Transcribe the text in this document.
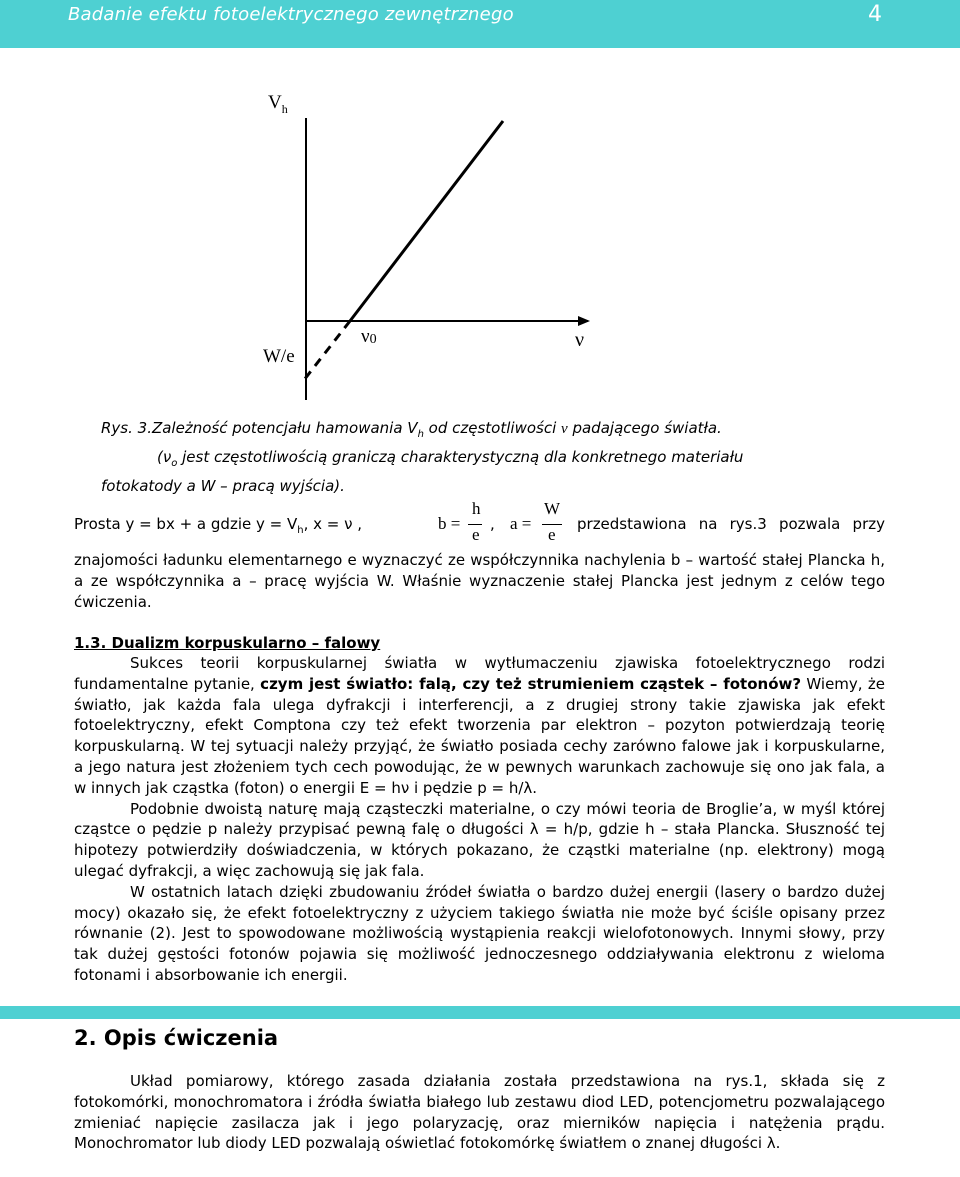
Badanie efektu fotoelektrycznego zewnętrznego	4
$V_h$
W/e
ν0	ν

Rys. 3.Zależność potencjału hamowania $V_h$ od częstotliwości ν padającego światła.

($\nu_o$ jest częstotliwością graniczą charakterystyczną dla konkretnego materiału

fotokatody a W – pracą wyjścia).

Prosta y = bx + a gdzie $y = V_h$, x = ν ,	b =
h
e
, a =
W
e
przedstawiona na rys.3 pozwala przy

znajomości ładunku elementarnego e wyznaczyć ze współczynnika nachylenia b – wartość stałej Plancka h, a ze współczynnika a – pracę wyjścia W. Właśnie wyznaczenie stałej Plancka jest jednym z celów tego ćwiczenia.

1.3. Dualizm korpuskularno – falowy

Sukces teorii korpuskularnej światła w wytłumaczeniu zjawiska fotoelektrycznego rodzi fundamentalne pytanie, czym jest światło: falą, czy też strumieniem cząstek – fotonów? Wiemy, że światło, jak każda fala ulega dyfrakcji i interferencji, a z drugiej strony takie zjawiska jak efekt fotoelektryczny, efekt Comptona czy też efekt tworzenia par elektron – pozyton potwierdzają teorię korpuskularną. W tej sytuacji należy przyjąć, że światło posiada cechy zarówno falowe jak i korpuskularne, a jego natura jest złożeniem tych cech powodując, że w pewnych warunkach zachowuje się ono jak fala, a w innych jak cząstka (foton) o energii E = hν i pędzie p = h/λ.

Podobnie dwoistą naturę mają cząsteczki materialne, o czy mówi teoria de Broglie’a, w myśl której cząstce o pędzie p należy przypisać pewną falę o długości λ = h/p, gdzie h – stała Plancka. Słuszność tej hipotezy potwierdziły doświadczenia, w których pokazano, że cząstki materialne (np. elektrony) mogą ulegać dyfrakcji, a więc zachowują się jak fala.

W ostatnich latach dzięki zbudowaniu źródeł światła o bardzo dużej energii (lasery o bardzo dużej mocy) okazało się, że efekt fotoelektryczny z użyciem takiego światła nie może być ściśle opisany przez równanie (2). Jest to spowodowane możliwością wystąpienia reakcji wielofotonowych. Innymi słowy, przy tak dużej gęstości fotonów pojawia się możliwość jednoczesnego oddziaływania elektronu z wieloma fotonami i absorbowanie ich energii.

2. Opis ćwiczenia

Układ pomiarowy, którego zasada działania została przedstawiona na rys.1, składa się z fotokomórki, monochromatora i źródła światła białego lub zestawu diod LED, potencjometru pozwalającego zmieniać napięcie zasilacza jak i jego polaryzację, oraz mierników napięcia i natężenia prądu. Monochromator lub diody LED pozwalają oświetlać fotokomórkę światłem o znanej długości λ.
